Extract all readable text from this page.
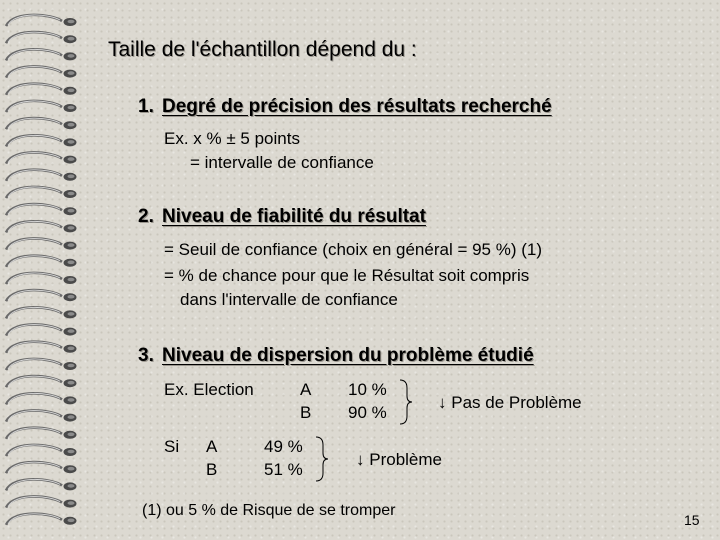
Taille de l'échantillon dépend du :
1. Degré de précision des résultats recherché
Ex. x % ± 5 points
= intervalle de confiance
2. Niveau de fiabilité du résultat
= Seuil de confiance (choix en général = 95 %) (1)
= % de chance pour que le Résultat soit compris
dans l'intervalle de confiance
3. Niveau de dispersion du problème étudié
Ex. Election	A
B
10 %
90 %
↓ Pas de Problème
Si A
B
49 %
51 %
↓ Problème
(1) ou 5 % de Risque de se tromper
15
